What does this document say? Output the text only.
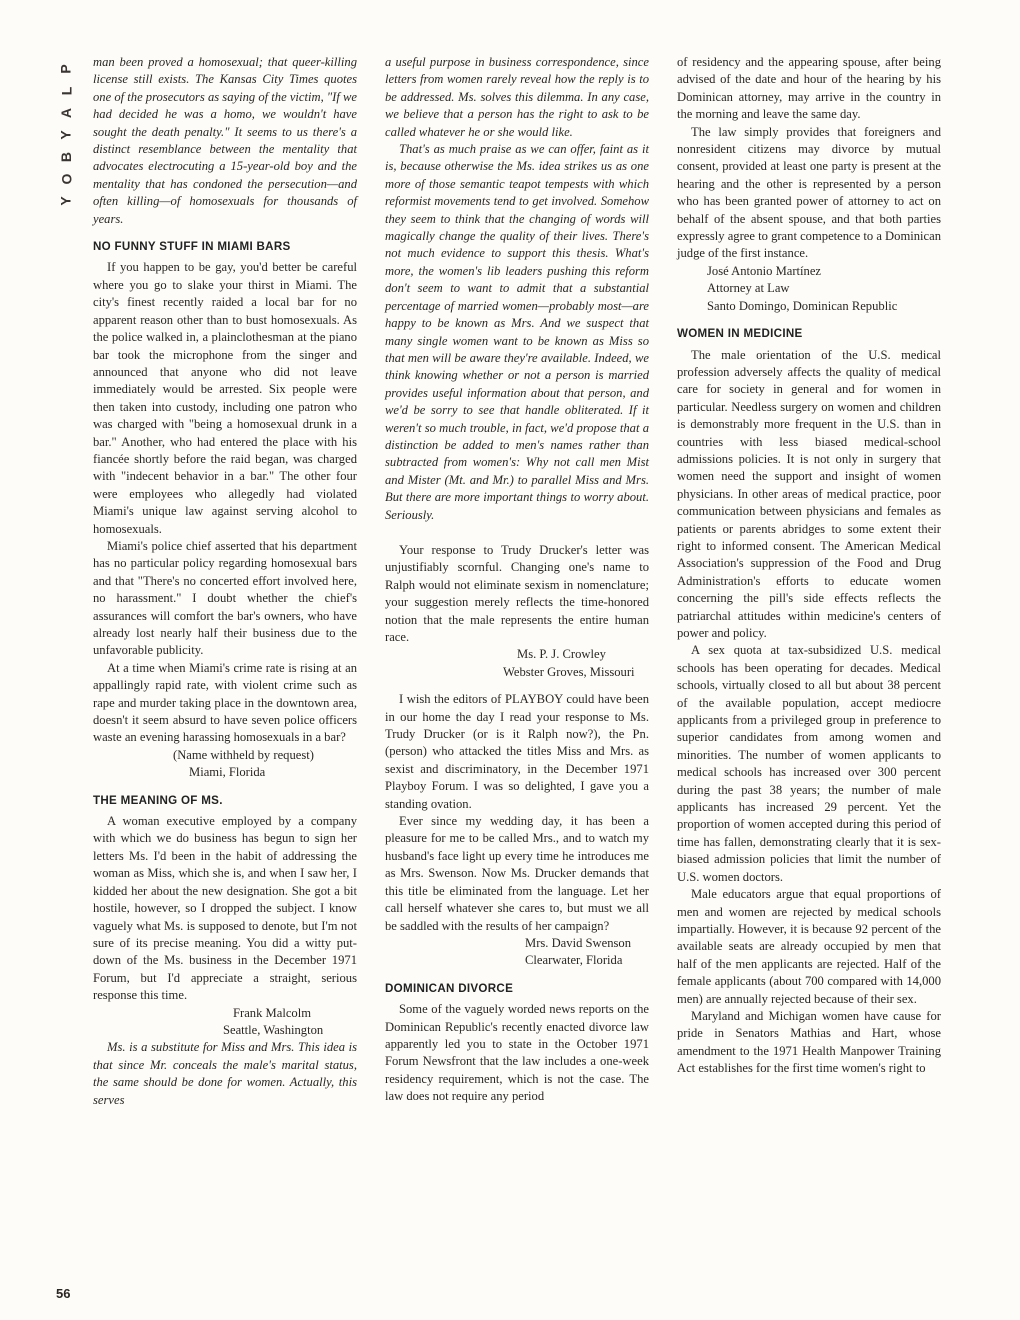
P
L
A
Y
B
O
Y
56

man been proved a homosexual; that queer-killing license still exists. The Kansas City Times quotes one of the prosecutors as saying of the victim, "If we had decided he was a homo, we wouldn't have sought the death penalty." It seems to us there's a distinct resemblance between the mentality that advocates electrocuting a 15-year-old boy and the mentality that has condoned the persecution—and often killing—of homosexuals for thousands of years.

NO FUNNY STUFF IN MIAMI BARS

If you happen to be gay, you'd better be careful where you go to slake your thirst in Miami. The city's finest recently raided a local bar for no apparent reason other than to bust homosexuals. As the police walked in, a plainclothesman at the piano bar took the microphone from the singer and announced that anyone who did not leave immediately would be arrested. Six people were then taken into custody, including one patron who was charged with "being a homosexual drunk in a bar." Another, who had entered the place with his fiancée shortly before the raid began, was charged with "indecent behavior in a bar." The other four were employees who allegedly had violated Miami's unique law against serving alcohol to homosexuals.

Miami's police chief asserted that his department has no particular policy regarding homosexual bars and that "There's no concerted effort involved here, no harassment." I doubt whether the chief's assurances will comfort the bar's owners, who have already lost nearly half their business due to the unfavorable publicity.

At a time when Miami's crime rate is rising at an appallingly rapid rate, with violent crime such as rape and murder taking place in the downtown area, doesn't it seem absurd to have seven police officers waste an evening harassing homosexuals in a bar?

(Name withheld by request)

Miami, Florida

THE MEANING OF MS.

A woman executive employed by a company with which we do business has begun to sign her letters Ms. I'd been in the habit of addressing the woman as Miss, which she is, and when I saw her, I kidded her about the new designation. She got a bit hostile, however, so I dropped the subject. I know vaguely what Ms. is supposed to denote, but I'm not sure of its precise meaning. You did a witty put-down of the Ms. business in the December 1971 Forum, but I'd appreciate a straight, serious response this time.

Frank Malcolm

Seattle, Washington

Ms. is a substitute for Miss and Mrs. This idea is that since Mr. conceals the male's marital status, the same should be done for women. Actually, this serves

a useful purpose in business correspondence, since letters from women rarely reveal how the reply is to be addressed. Ms. solves this dilemma. In any case, we believe that a person has the right to ask to be called whatever he or she would like.

That's as much praise as we can offer, faint as it is, because otherwise the Ms. idea strikes us as one more of those semantic teapot tempests with which reformist movements tend to get involved. Somehow they seem to think that the changing of words will magically change the quality of their lives. There's not much evidence to support this thesis. What's more, the women's lib leaders pushing this reform don't seem to want to admit that a substantial percentage of married women—probably most—are happy to be known as Mrs. And we suspect that many single women want to be known as Miss so that men will be aware they're available. Indeed, we think knowing whether or not a person is married provides useful information about that person, and we'd be sorry to see that handle obliterated. If it weren't so much trouble, in fact, we'd propose that a distinction be added to men's names rather than subtracted from women's: Why not call men Mist and Mister (Mt. and Mr.) to parallel Miss and Mrs. But there are more important things to worry about. Seriously.

Your response to Trudy Drucker's letter was unjustifiably scornful. Changing one's name to Ralph would not eliminate sexism in nomenclature; your suggestion merely reflects the time-honored notion that the male represents the entire human race.

Ms. P. J. Crowley

Webster Groves, Missouri

I wish the editors of PLAYBOY could have been in our home the day I read your response to Ms. Trudy Drucker (or is it Ralph now?), the Pn. (person) who attacked the titles Miss and Mrs. as sexist and discriminatory, in the December 1971 Playboy Forum. I was so delighted, I gave you a standing ovation.

Ever since my wedding day, it has been a pleasure for me to be called Mrs., and to watch my husband's face light up every time he introduces me as Mrs. Swenson. Now Ms. Drucker demands that this title be eliminated from the language. Let her call herself whatever she cares to, but must we all be saddled with the results of her campaign?

Mrs. David Swenson

Clearwater, Florida

DOMINICAN DIVORCE

Some of the vaguely worded news reports on the Dominican Republic's recently enacted divorce law apparently led you to state in the October 1971 Forum Newsfront that the law includes a one-week residency requirement, which is not the case. The law does not require any period

of residency and the appearing spouse, after being advised of the date and hour of the hearing by his Dominican attorney, may arrive in the country in the morning and leave the same day.

The law simply provides that foreigners and nonresident citizens may divorce by mutual consent, provided at least one party is present at the hearing and the other is represented by a person who has been granted power of attorney to act on behalf of the absent spouse, and that both parties expressly agree to grant competence to a Dominican judge of the first instance.

José Antonio Martínez

Attorney at Law

Santo Domingo, Dominican Republic

WOMEN IN MEDICINE

The male orientation of the U.S. medical profession adversely affects the quality of medical care for society in general and for women in particular. Needless surgery on women and children is demonstrably more frequent in the U.S. than in countries with less biased medical-school admissions policies. It is not only in surgery that women need the support and insight of women physicians. In other areas of medical practice, poor communication between physicians and females as patients or parents abridges to some extent their right to informed consent. The American Medical Association's suppression of the Food and Drug Administration's efforts to educate women concerning the pill's side effects reflects the patriarchal attitudes within medicine's centers of power and policy.

A sex quota at tax-subsidized U.S. medical schools has been operating for decades. Medical schools, virtually closed to all but about 38 percent of the available population, accept mediocre applicants from a privileged group in preference to superior candidates from among women and minorities. The number of women applicants to medical schools has increased over 300 percent during the past 38 years; the number of male applicants has increased 29 percent. Yet the proportion of women accepted during this period of time has fallen, demonstrating clearly that it is sex-biased admission policies that limit the number of U.S. women doctors.

Male educators argue that equal proportions of men and women are rejected by medical schools impartially. However, it is because 92 percent of the available seats are already occupied by men that half of the men applicants are rejected. Half of the female applicants (about 700 compared with 14,000 men) are annually rejected because of their sex.

Maryland and Michigan women have cause for pride in Senators Mathias and Hart, whose amendment to the 1971 Health Manpower Training Act establishes for the first time women's right to
